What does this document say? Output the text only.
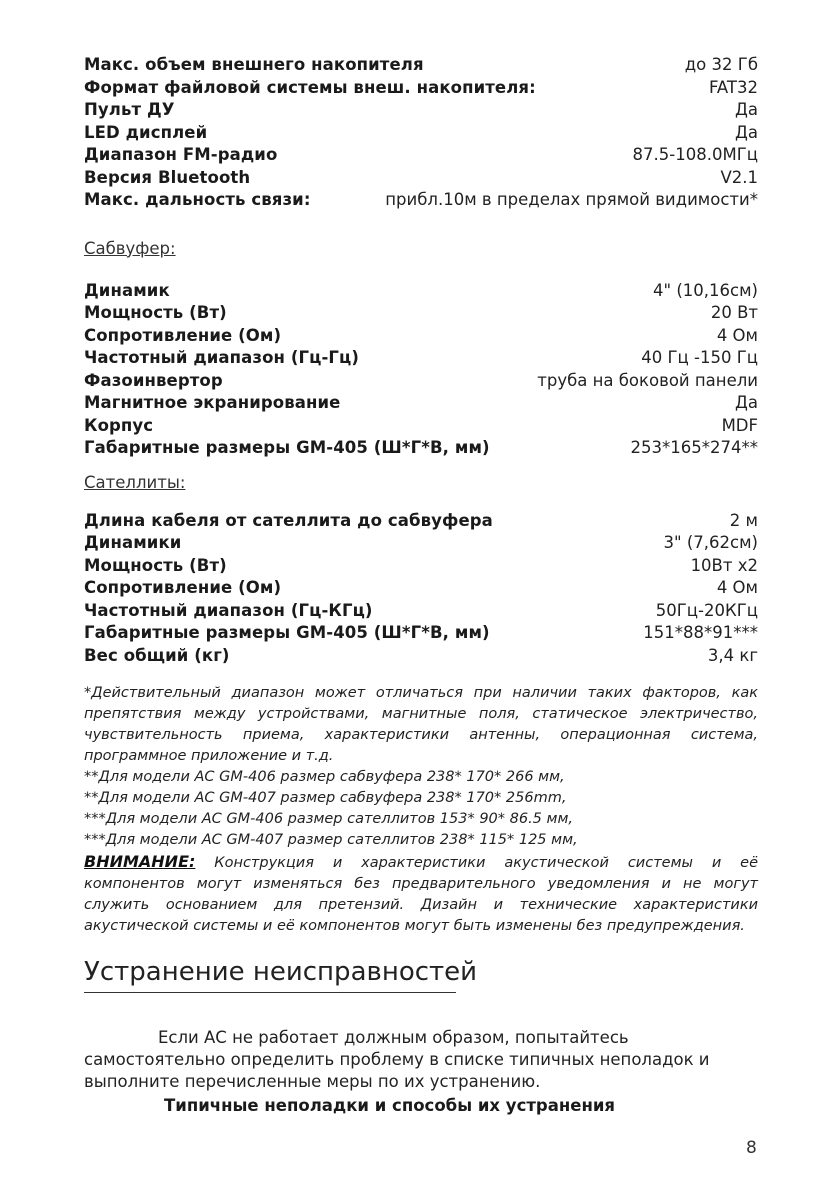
Макс. объем внешнего накопителя	до 32 Гб
Формат файловой системы внеш. накопителя:	FAT32
Пульт ДУ	Да
LED дисплей	Да
Диапазон FM-радио	87.5-108.0МГц
Версия Bluetooth	V2.1
Макс. дальность связи:	прибл.10м в пределах прямой видимости*
Сабвуфер:
Динамик	4" (10,16см)
Мощность (Вт)	20 Вт
Сопротивление (Ом)	4 Ом
Частотный диапазон (Гц-Гц)	40 Гц -150 Гц
Фазоинвертор	труба на боковой панели
Магнитное экранирование	Да
Корпус	MDF
Габаритные размеры GM-405 (Ш*Г*В, мм)	253*165*274**
Сателлиты:
Длина кабеля от сателлита до сабвуфера	2 м
Динамики	3" (7,62см)
Мощность (Вт)	10Вт x2
Сопротивление (Ом)	4 Ом
Частотный диапазон (Гц-КГц)	50Гц-20КГц
Габаритные размеры GM-405 (Ш*Г*В, мм)	151*88*91***
Вес общий (кг)	3,4 кг

*Действительный диапазон может отличаться при наличии таких факторов, как препятствия между устройствами, магнитные поля, статическое электричество, чувствительность приема, характеристики антенны, операционная система, программное приложение и т.д.

**Для модели АС GM-406 размер сабвуфера 238* 170* 266 мм,

**Для модели АС GM-407 размер сабвуфера 238* 170* 256mm,

***Для модели АС GM-406 размер сателлитов 153* 90* 86.5 мм,

***Для модели АС GM-407 размер сателлитов 238* 115* 125 мм,

ВНИМАНИЕ: Конструкция и характеристики акустической системы и её компонентов могут изменяться без предварительного уведомления и не могут служить основанием для претензий. Дизайн и технические характеристики акустической системы и её компонентов могут быть изменены без предупреждения.

Устранение неисправностей

Если АС не работает должным образом, попытайтесь самостоятельно определить проблему в списке типичных неполадок и выполните перечисленные меры по их устранению.

Типичные неполадки и способы их устранения
8
